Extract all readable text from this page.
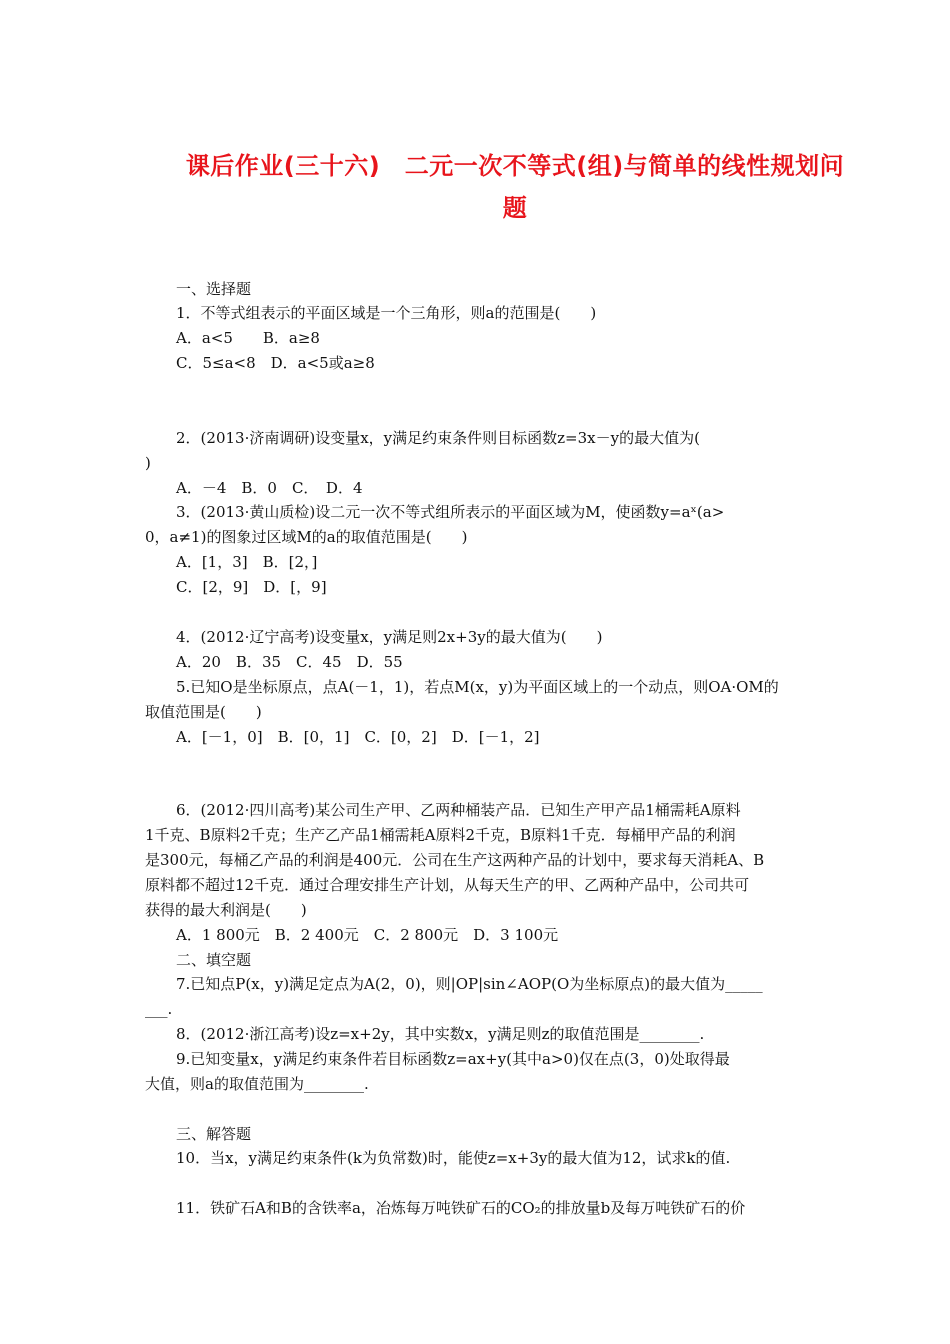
课后作业(三十六)　二元一次不等式(组)与简单的线性规划问
题
一、选择题
1．不等式组表示的平面区域是一个三角形，则a的范围是(　　)
A．a<5　　B．a≥8
C．5≤a<8　D．a<5或a≥8
2．(2013·济南调研)设变量x，y满足约束条件则目标函数z=3x－y的最大值为(
)
A．－4　B．0　C．　D．4
3．(2013·黄山质检)设二元一次不等式组所表示的平面区域为M，使函数y=aˣ(a>
0，a≠1)的图象过区域M的a的取值范围是(　　)
A．[1，3]　B．[2，]
C．[2，9]　D．[，9]
4．(2012·辽宁高考)设变量x，y满足则2x+3y的最大值为(　　)
A．20　B．35　C．45　D．55
5.已知O是坐标原点，点A(－1，1)，若点M(x，y)为平面区域上的一个动点，则OA·OM的
取值范围是(　　)
A．[－1，0]　B．[0，1]　C．[0，2]　D．[－1，2]
6．(2012·四川高考)某公司生产甲、乙两种桶装产品．已知生产甲产品1桶需耗A原料
1千克、B原料2千克；生产乙产品1桶需耗A原料2千克，B原料1千克．每桶甲产品的利润
是300元，每桶乙产品的利润是400元．公司在生产这两种产品的计划中，要求每天消耗A、B
原料都不超过12千克．通过合理安排生产计划，从每天生产的甲、乙两种产品中，公司共可
获得的最大利润是(　　)
A．1 800元　B．2 400元　C．2 800元　D．3 100元
二、填空题
7.已知点P(x，y)满足定点为A(2，0)，则|OP|sin∠AOP(O为坐标原点)的最大值为_____
___.
8．(2012·浙江高考)设z=x+2y，其中实数x，y满足则z的取值范围是________.
9.已知变量x，y满足约束条件若目标函数z=ax+y(其中a>0)仅在点(3，0)处取得最
大值，则a的取值范围为________.
三、解答题
10．当x，y满足约束条件(k为负常数)时，能使z=x+3y的最大值为12，试求k的值.
11．铁矿石A和B的含铁率a，冶炼每万吨铁矿石的CO₂的排放量b及每万吨铁矿石的价
